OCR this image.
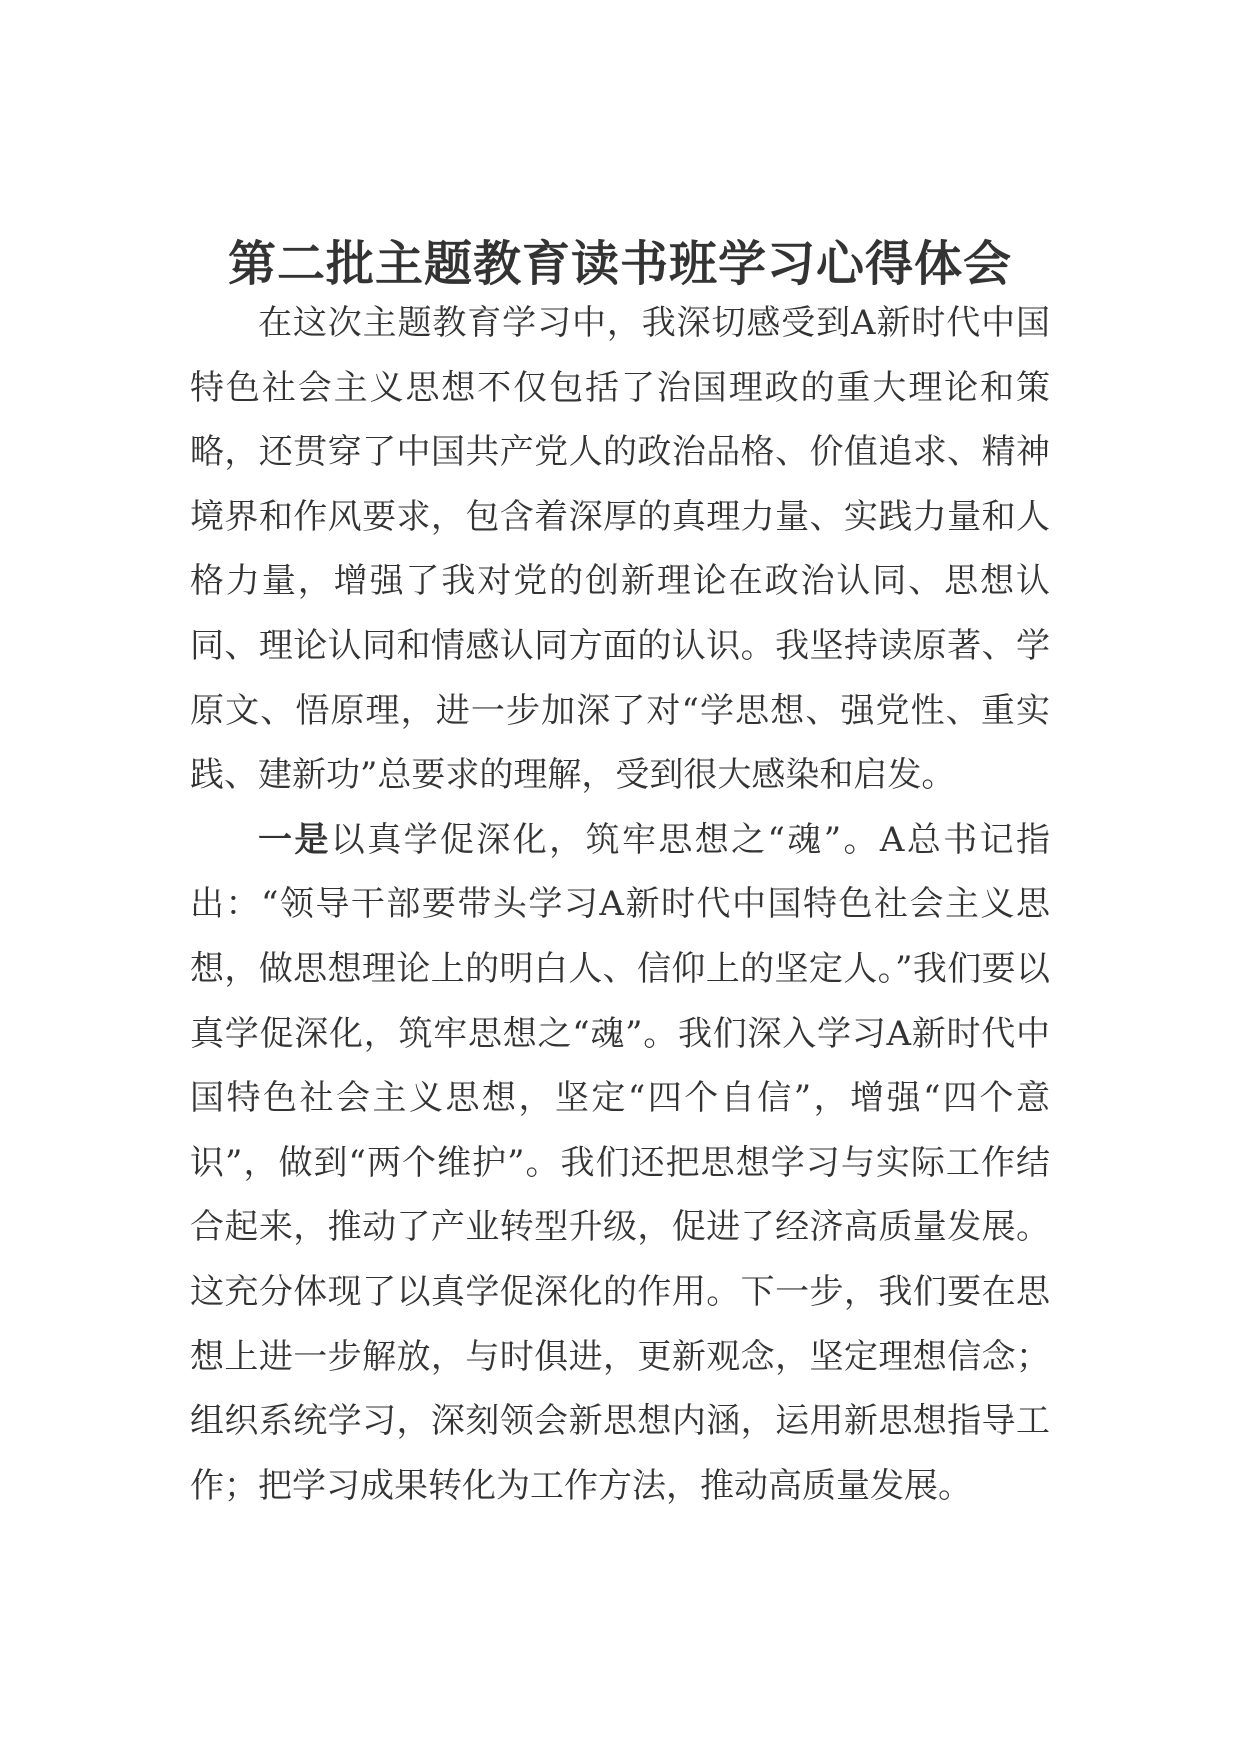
第二批主题教育读书班学习心得体会

在这次主题教育学习中，我深切感受到A新时代中国特色社会主义思想不仅包括了治国理政的重大理论和策略，还贯穿了中国共产党人的政治品格、价值追求、精神境界和作风要求，包含着深厚的真理力量、实践力量和人格力量，增强了我对党的创新理论在政治认同、思想认同、理论认同和情感认同方面的认识。我坚持读原著、学原文、悟原理，进一步加深了对“学思想、强党性、重实践、建新功”总要求的理解，受到很大感染和启发。

一是以真学促深化，筑牢思想之“魂”。A总书记指出：“领导干部要带头学习A新时代中国特色社会主义思想，做思想理论上的明白人、信仰上的坚定人。”我们要以真学促深化，筑牢思想之“魂”。我们深入学习A新时代中国特色社会主义思想，坚定“四个自信”，增强“四个意识”，做到“两个维护”。我们还把思想学习与实际工作结合起来，推动了产业转型升级，促进了经济高质量发展。这充分体现了以真学促深化的作用。下一步，我们要在思想上进一步解放，与时俱进，更新观念，坚定理想信念；组织系统学习，深刻领会新思想内涵，运用新思想指导工作；把学习成果转化为工作方法，推动高质量发展。
